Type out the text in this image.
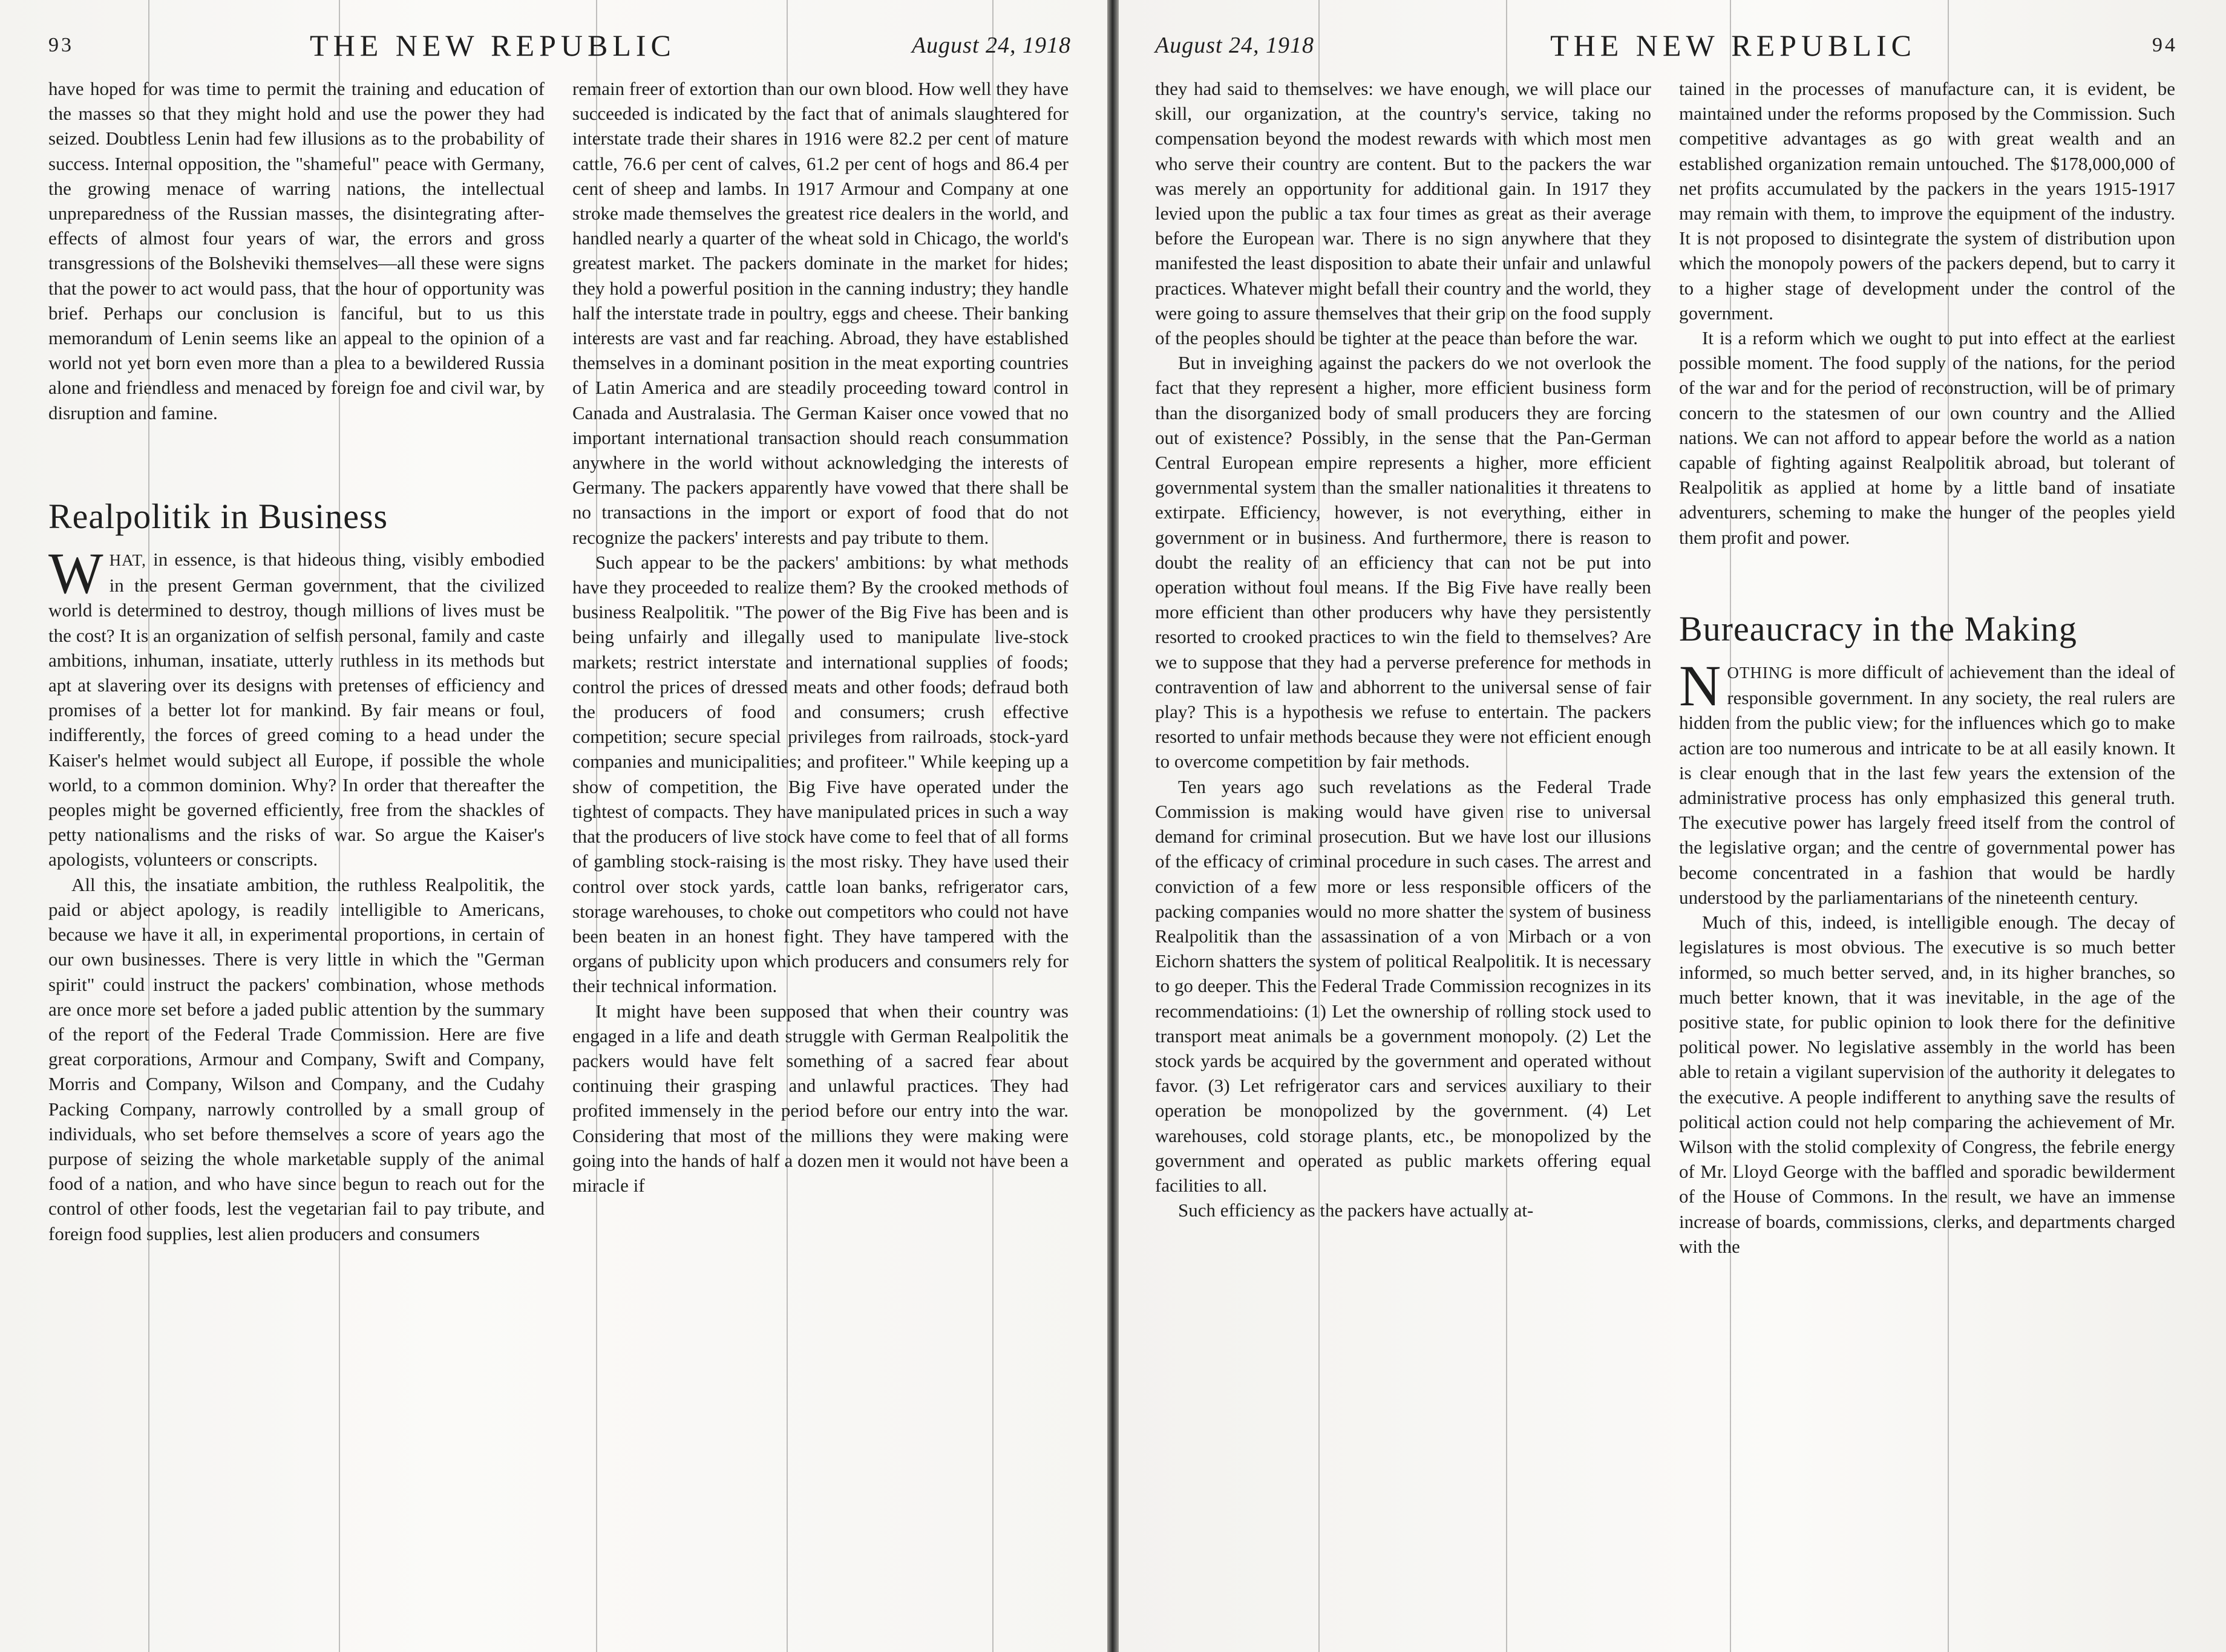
93	THE NEW REPUBLIC	August 24, 1918

have hoped for was time to permit the training and education of the masses so that they might hold and use the power they had seized. Doubtless Lenin had few illusions as to the probability of success. Internal opposition, the "shameful" peace with Germany, the growing menace of warring nations, the intellectual unpreparedness of the Russian masses, the disintegrating after-effects of almost four years of war, the errors and gross transgressions of the Bolsheviki themselves—all these were signs that the power to act would pass, that the hour of opportunity was brief. Perhaps our conclusion is fanciful, but to us this memorandum of Lenin seems like an appeal to the opinion of a world not yet born even more than a plea to a bewildered Russia alone and friendless and menaced by foreign foe and civil war, by disruption and famine.

Realpolitik in Business

WHAT, in essence, is that hideous thing, visibly embodied in the present German government, that the civilized world is determined to destroy, though millions of lives must be the cost? It is an organization of selfish personal, family and caste ambitions, inhuman, insatiate, utterly ruthless in its methods but apt at slavering over its designs with pretenses of efficiency and promises of a better lot for mankind. By fair means or foul, indifferently, the forces of greed coming to a head under the Kaiser's helmet would subject all Europe, if possible the whole world, to a common dominion. Why? In order that thereafter the peoples might be governed efficiently, free from the shackles of petty nationalisms and the risks of war. So argue the Kaiser's apologists, volunteers or conscripts.

All this, the insatiate ambition, the ruthless Realpolitik, the paid or abject apology, is readily intelligible to Americans, because we have it all, in experimental proportions, in certain of our own businesses. There is very little in which the "German spirit" could instruct the packers' combination, whose methods are once more set before a jaded public attention by the summary of the report of the Federal Trade Commission. Here are five great corporations, Armour and Company, Swift and Company, Morris and Company, Wilson and Company, and the Cudahy Packing Company, narrowly controlled by a small group of individuals, who set before themselves a score of years ago the purpose of seizing the whole marketable supply of the animal food of a nation, and who have since begun to reach out for the control of other foods, lest the vegetarian fail to pay tribute, and foreign food supplies, lest alien producers and consumers

remain freer of extortion than our own blood. How well they have succeeded is indicated by the fact that of animals slaughtered for interstate trade their shares in 1916 were 82.2 per cent of mature cattle, 76.6 per cent of calves, 61.2 per cent of hogs and 86.4 per cent of sheep and lambs. In 1917 Armour and Company at one stroke made themselves the greatest rice dealers in the world, and handled nearly a quarter of the wheat sold in Chicago, the world's greatest market. The packers dominate in the market for hides; they hold a powerful position in the canning industry; they handle half the interstate trade in poultry, eggs and cheese. Their banking interests are vast and far reaching. Abroad, they have established themselves in a dominant position in the meat exporting countries of Latin America and are steadily proceeding toward control in Canada and Australasia. The German Kaiser once vowed that no important international transaction should reach consummation anywhere in the world without acknowledging the interests of Germany. The packers apparently have vowed that there shall be no transactions in the import or export of food that do not recognize the packers' interests and pay tribute to them.

Such appear to be the packers' ambitions: by what methods have they proceeded to realize them? By the crooked methods of business Realpolitik. "The power of the Big Five has been and is being unfairly and illegally used to manipulate live-stock markets; restrict interstate and international supplies of foods; control the prices of dressed meats and other foods; defraud both the producers of food and consumers; crush effective competition; secure special privileges from railroads, stock-yard companies and municipalities; and profiteer." While keeping up a show of competition, the Big Five have operated under the tightest of compacts. They have manipulated prices in such a way that the producers of live stock have come to feel that of all forms of gambling stock-raising is the most risky. They have used their control over stock yards, cattle loan banks, refrigerator cars, storage warehouses, to choke out competitors who could not have been beaten in an honest fight. They have tampered with the organs of publicity upon which producers and consumers rely for their technical information.

It might have been supposed that when their country was engaged in a life and death struggle with German Realpolitik the packers would have felt something of a sacred fear about continuing their grasping and unlawful practices. They had profited immensely in the period before our entry into the war. Considering that most of the millions they were making were going into the hands of half a dozen men it would not have been a miracle if

August 24, 1918	THE NEW REPUBLIC	94

they had said to themselves: we have enough, we will place our skill, our organization, at the country's service, taking no compensation beyond the modest rewards with which most men who serve their country are content. But to the packers the war was merely an opportunity for additional gain. In 1917 they levied upon the public a tax four times as great as their average before the European war. There is no sign anywhere that they manifested the least disposition to abate their unfair and unlawful practices. Whatever might befall their country and the world, they were going to assure themselves that their grip on the food supply of the peoples should be tighter at the peace than before the war.

But in inveighing against the packers do we not overlook the fact that they represent a higher, more efficient business form than the disorganized body of small producers they are forcing out of existence? Possibly, in the sense that the Pan-German Central European empire represents a higher, more efficient governmental system than the smaller nationalities it threatens to extirpate. Efficiency, however, is not everything, either in government or in business. And furthermore, there is reason to doubt the reality of an efficiency that can not be put into operation without foul means. If the Big Five have really been more efficient than other producers why have they persistently resorted to crooked practices to win the field to themselves? Are we to suppose that they had a perverse preference for methods in contravention of law and abhorrent to the universal sense of fair play? This is a hypothesis we refuse to entertain. The packers resorted to unfair methods because they were not efficient enough to overcome competition by fair methods.

Ten years ago such revelations as the Federal Trade Commission is making would have given rise to universal demand for criminal prosecution. But we have lost our illusions of the efficacy of criminal procedure in such cases. The arrest and conviction of a few more or less responsible officers of the packing companies would no more shatter the system of business Realpolitik than the assassination of a von Mirbach or a von Eichorn shatters the system of political Realpolitik. It is necessary to go deeper. This the Federal Trade Commission recognizes in its recommendatioins: (1) Let the ownership of rolling stock used to transport meat animals be a government monopoly. (2) Let the stock yards be acquired by the government and operated without favor. (3) Let refrigerator cars and services auxiliary to their operation be monopolized by the government. (4) Let warehouses, cold storage plants, etc., be monopolized by the government and operated as public markets offering equal facilities to all.

Such efficiency as the packers have actually at-

tained in the processes of manufacture can, it is evident, be maintained under the reforms proposed by the Commission. Such competitive advantages as go with great wealth and an established organization remain untouched. The $178,000,000 of net profits accumulated by the packers in the years 1915-1917 may remain with them, to improve the equipment of the industry. It is not proposed to disintegrate the system of distribution upon which the monopoly powers of the packers depend, but to carry it to a higher stage of development under the control of the government.

It is a reform which we ought to put into effect at the earliest possible moment. The food supply of the nations, for the period of the war and for the period of reconstruction, will be of primary concern to the statesmen of our own country and the Allied nations. We can not afford to appear before the world as a nation capable of fighting against Realpolitik abroad, but tolerant of Realpolitik as applied at home by a little band of insatiate adventurers, scheming to make the hunger of the peoples yield them profit and power.

Bureaucracy in the Making

NOTHING is more difficult of achievement than the ideal of responsible government. In any society, the real rulers are hidden from the public view; for the influences which go to make action are too numerous and intricate to be at all easily known. It is clear enough that in the last few years the extension of the administrative process has only emphasized this general truth. The executive power has largely freed itself from the control of the legislative organ; and the centre of governmental power has become concentrated in a fashion that would be hardly understood by the parliamentarians of the nineteenth century.

Much of this, indeed, is intelligible enough. The decay of legislatures is most obvious. The executive is so much better informed, so much better served, and, in its higher branches, so much better known, that it was inevitable, in the age of the positive state, for public opinion to look there for the definitive political power. No legislative assembly in the world has been able to retain a vigilant supervision of the authority it delegates to the executive. A people indifferent to anything save the results of political action could not help comparing the achievement of Mr. Wilson with the stolid complexity of Congress, the febrile energy of Mr. Lloyd George with the baffled and sporadic bewilderment of the House of Commons. In the result, we have an immense increase of boards, commissions, clerks, and departments charged with the
